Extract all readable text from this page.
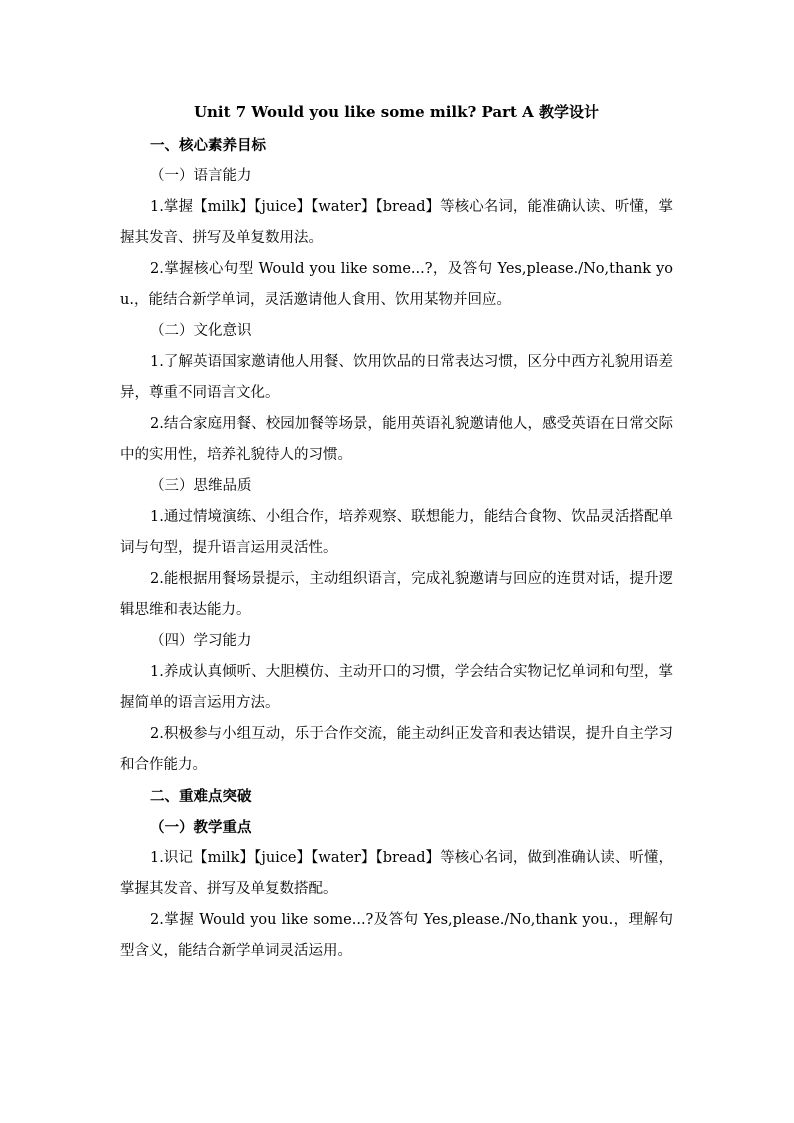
Unit 7 Would you like some milk? Part A 教学设计
一、核心素养目标
（一）语言能力

1.掌握【milk】【juice】【water】【bread】等核心名词，能准确认读、听懂，掌握其发音、拼写及单复数用法。

2.掌握核心句型 Would you like some...?，及答句 Yes,please./No,thank you.，能结合新学单词，灵活邀请他人食用、饮用某物并回应。

（二）文化意识

1.了解英语国家邀请他人用餐、饮用饮品的日常表达习惯，区分中西方礼貌用语差异，尊重不同语言文化。

2.结合家庭用餐、校园加餐等场景，能用英语礼貌邀请他人，感受英语在日常交际中的实用性，培养礼貌待人的习惯。

（三）思维品质

1.通过情境演练、小组合作，培养观察、联想能力，能结合食物、饮品灵活搭配单词与句型，提升语言运用灵活性。

2.能根据用餐场景提示，主动组织语言，完成礼貌邀请与回应的连贯对话，提升逻辑思维和表达能力。

（四）学习能力

1.养成认真倾听、大胆模仿、主动开口的习惯，学会结合实物记忆单词和句型，掌握简单的语言运用方法。

2.积极参与小组互动，乐于合作交流，能主动纠正发音和表达错误，提升自主学习和合作能力。

二、重难点突破
（一）教学重点

1.识记【milk】【juice】【water】【bread】等核心名词，做到准确认读、听懂，掌握其发音、拼写及单复数搭配。

2.掌握 Would you like some...?及答句 Yes,please./No,thank you.，理解句型含义，能结合新学单词灵活运用。
